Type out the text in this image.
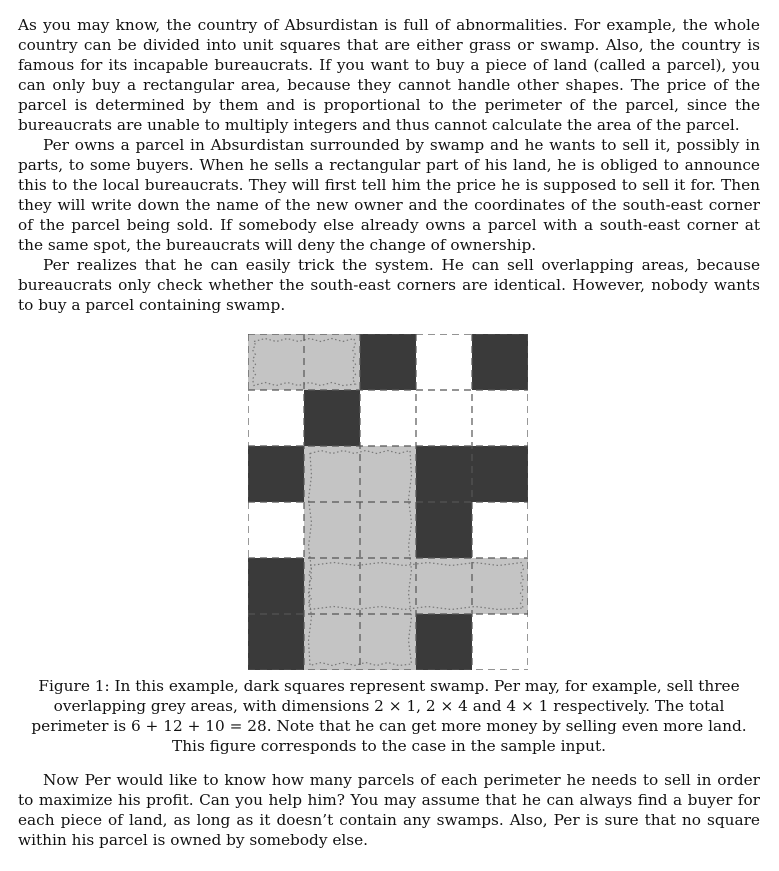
As you may know, the country of Absurdistan is full of abnormalities. For example, the whole country can be divided into unit squares that are either grass or swamp. Also, the country is famous for its incapable bureaucrats. If you want to buy a piece of land (called a parcel), you can only buy a rectangular area, because they cannot handle other shapes. The price of the parcel is determined by them and is proportional to the perimeter of the parcel, since the bureaucrats are unable to multiply integers and thus cannot calculate the area of the parcel.

Per owns a parcel in Absurdistan surrounded by swamp and he wants to sell it, possibly in parts, to some buyers. When he sells a rectangular part of his land, he is obliged to announce this to the local bureaucrats. They will first tell him the price he is supposed to sell it for. Then they will write down the name of the new owner and the coordinates of the south-east corner of the parcel being sold. If somebody else already owns a parcel with a south-east corner at the same spot, the bureaucrats will deny the change of ownership.

Per realizes that he can easily trick the system. He can sell overlapping areas, because bureaucrats only check whether the south-east corners are identical. However, nobody wants to buy a parcel containing swamp.

Figure 1: In this example, dark squares represent swamp. Per may, for example, sell three overlapping grey areas, with dimensions 2 × 1, 2 × 4 and 4 × 1 respectively. The total perimeter is 6 + 12 + 10 = 28. Note that he can get more money by selling even more land. This figure corresponds to the case in the sample input.

Now Per would like to know how many parcels of each perimeter he needs to sell in order to maximize his profit. Can you help him? You may assume that he can always find a buyer for each piece of land, as long as it doesn’t contain any swamps. Also, Per is sure that no square within his parcel is owned by somebody else.
